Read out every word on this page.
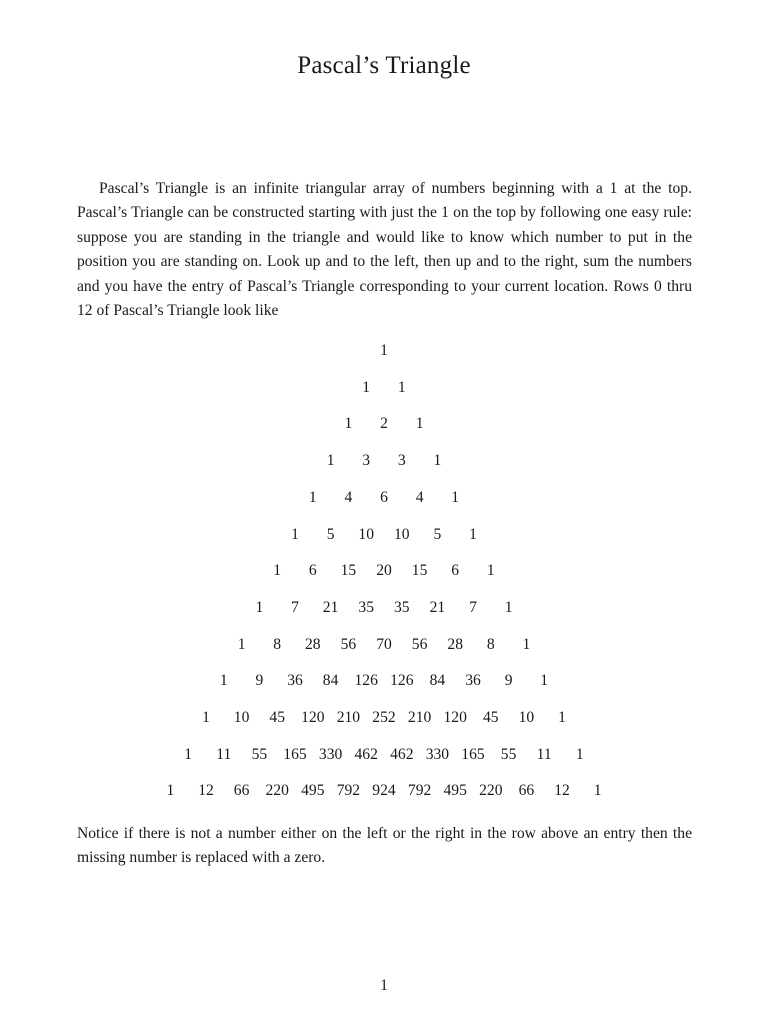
Pascal’s Triangle

Pascal’s Triangle is an infinite triangular array of numbers beginning with a 1 at the top. Pascal’s Triangle can be constructed starting with just the 1 on the top by following one easy rule: suppose you are standing in the triangle and would like to know which number to put in the position you are standing on. Look up and to the left, then up and to the right, sum the numbers and you have the entry of Pascal’s Triangle corresponding to your current location. Rows 0 thru 12 of Pascal’s Triangle look like

1
1	1
1	2	1
1	3	3	1
1	4	6	4	1
1	5	10	10	5	1
1	6	15	20	15	6	1
1	7	21	35	35	21	7	1
1	8	28	56	70	56	28	8	1
1	9	36	84	126 126	84	36	9	1
1	10	45	120 210 252 210 120	45	10	1
1	11	55	165 330 462 462 330 165	55	11	1
1	12	66	220 495 792 924 792 495 220	66	12	1

Notice if there is not a number either on the left or the right in the row above an entry then the missing number is replaced with a zero.

1
